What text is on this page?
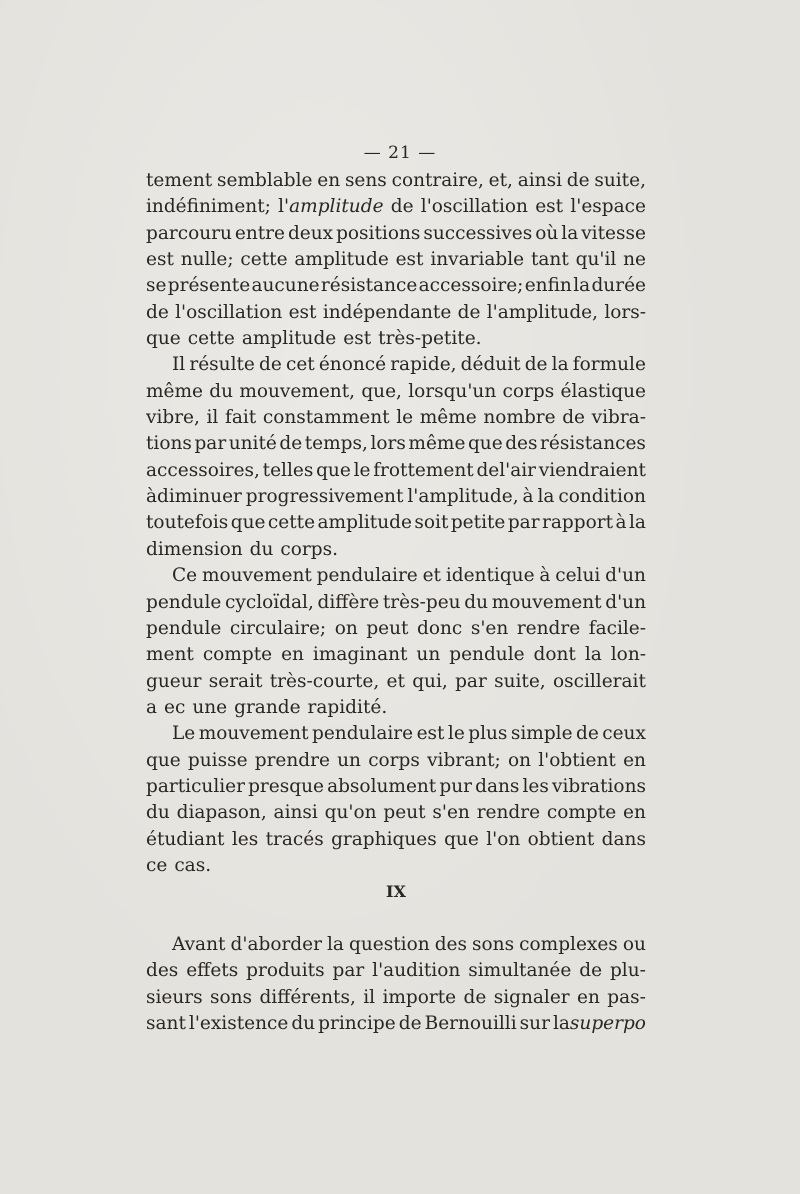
— 21 —
tement semblable en sens contraire, et, ainsi de suite,
indéfiniment; l'amplitude de l'oscillation est l'espace
parcouru entre deux positions successives où la vitesse
est nulle; cette amplitude est invariable tant qu'il ne
se présente aucune résistance accessoire; enfin la durée
de l'oscillation est indépendante de l'amplitude, lors-
que cette amplitude est très-petite.
Il résulte de cet énoncé rapide, déduit de la formule
même du mouvement, que, lorsqu'un corps élastique
vibre, il fait constamment le même nombre de vibra-
tions par unité de temps, lors même que des résistances
accessoires, telles que le frottement del'air viendraient
àdiminuer progressivement l'amplitude, à la condition
toutefois que cette amplitude soit petite par rapport à la
dimension du corps.
Ce mouvement pendulaire et identique à celui d'un
pendule cycloïdal, diffère très-peu du mouvement d'un
pendule circulaire; on peut donc s'en rendre facile-
ment compte en imaginant un pendule dont la lon-
gueur serait très-courte, et qui, par suite, oscillerait
a ec une grande rapidité.
Le mouvement pendulaire est le plus simple de ceux
que puisse prendre un corps vibrant; on l'obtient en
particulier presque absolument pur dans les vibrations
du diapason, ainsi qu'on peut s'en rendre compte en
étudiant les tracés graphiques que l'on obtient dans
ce cas.
IX
Avant d'aborder la question des sons complexes ou
des effets produits par l'audition simultanée de plu-
sieurs sons différents, il importe de signaler en pas-
sant l'existence du principe de Bernouilli sur lasuperpo
